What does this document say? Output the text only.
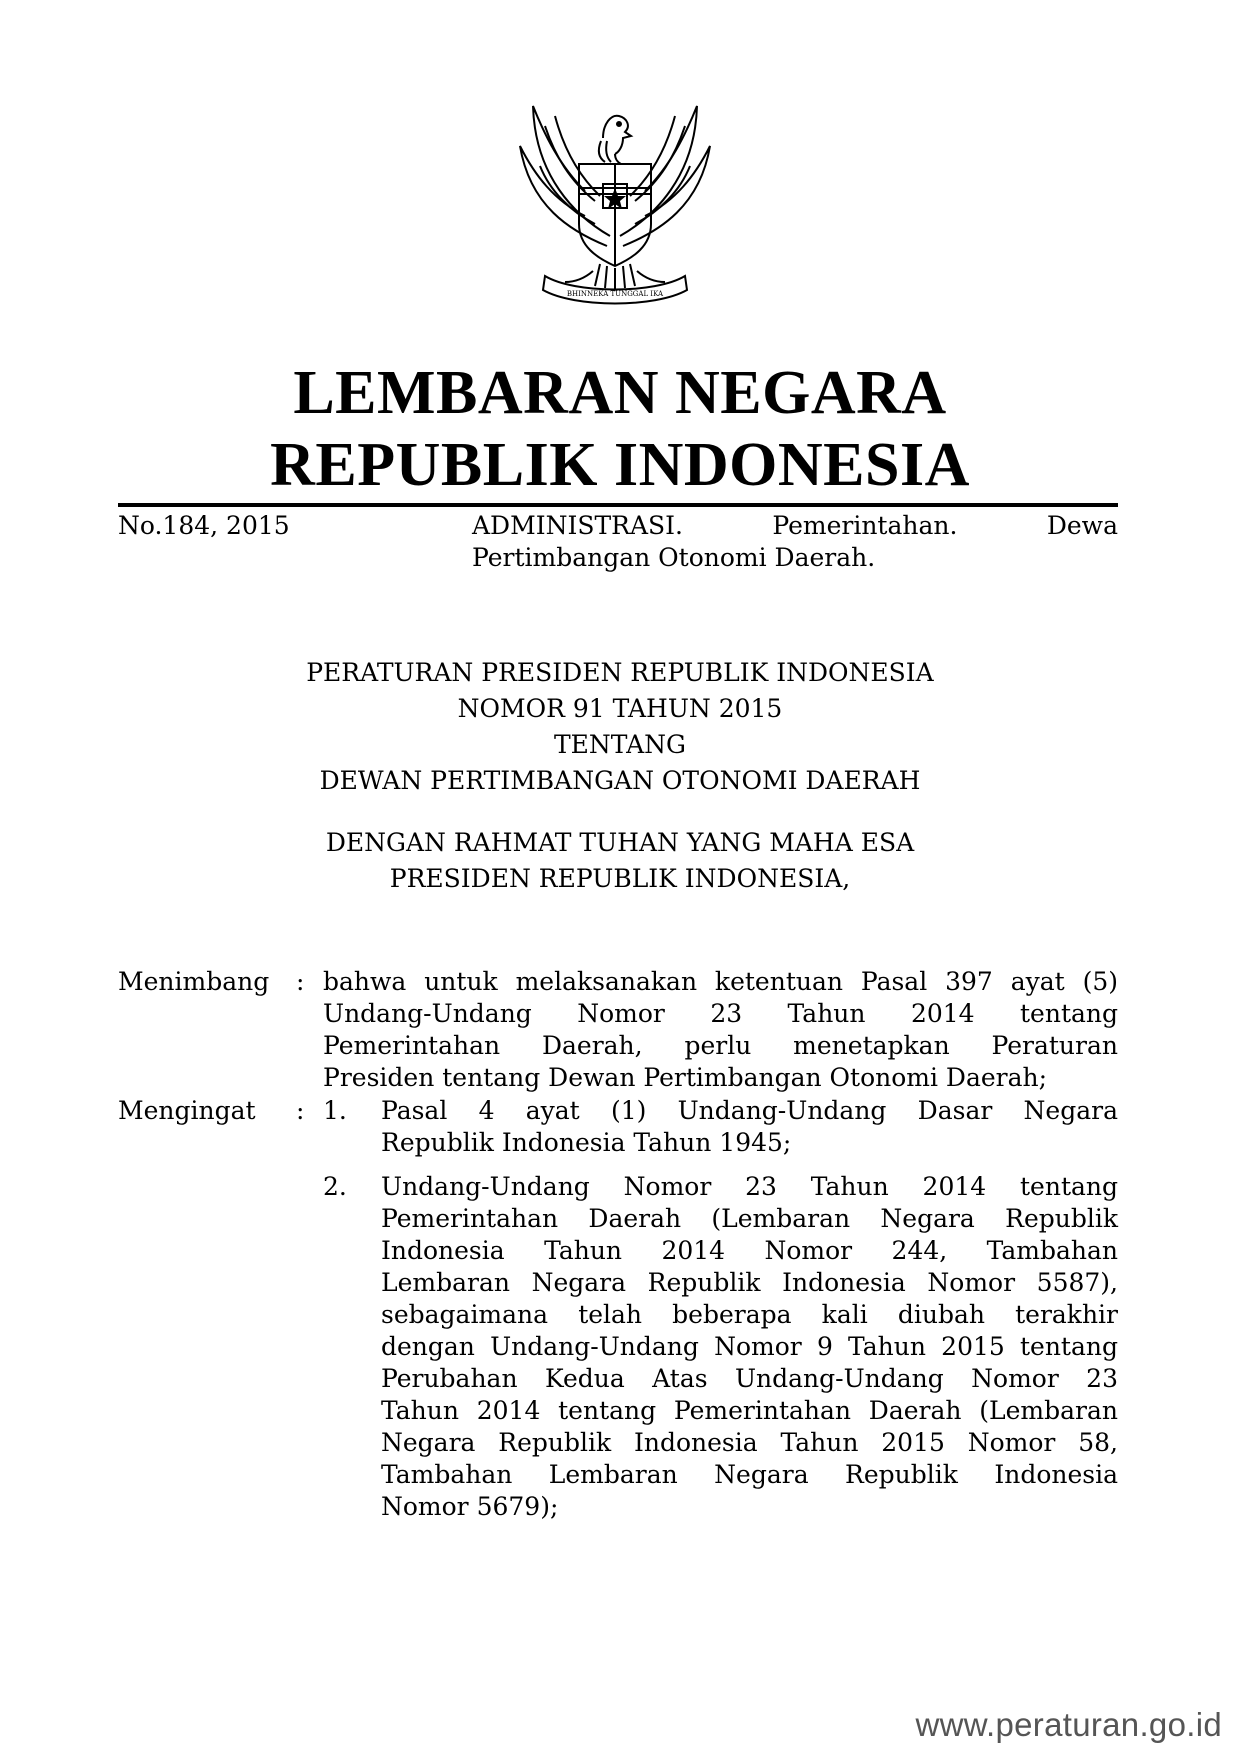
BHINNEKA TUNGGAL IKA
LEMBARAN NEGARA
REPUBLIK INDONESIA
No.184, 2015	ADMINISTRASI.	Pemerintahan.	Dewa
Pertimbangan Otonomi Daerah.
PERATURAN PRESIDEN REPUBLIK INDONESIA
NOMOR 91 TAHUN 2015
TENTANG
DEWAN PERTIMBANGAN OTONOMI DAERAH
DENGAN RAHMAT TUHAN YANG MAHA ESA
PRESIDEN REPUBLIK INDONESIA,
Menimbang	: bahwa untuk melaksanakan ketentuan Pasal 397 ayat (5)
Undang-Undang Nomor 23 Tahun 2014 tentang
Pemerintahan Daerah, perlu menetapkan Peraturan
Presiden tentang Dewan Pertimbangan Otonomi Daerah;
Mengingat	: 1. Pasal 4 ayat (1) Undang-Undang Dasar Negara
Republik Indonesia Tahun 1945;
2. Undang-Undang Nomor 23 Tahun 2014 tentang
Pemerintahan Daerah (Lembaran Negara Republik
Indonesia Tahun 2014 Nomor 244, Tambahan
Lembaran Negara Republik Indonesia Nomor 5587),
sebagaimana telah beberapa kali diubah terakhir
dengan Undang-Undang Nomor 9 Tahun 2015 tentang
Perubahan Kedua Atas Undang-Undang Nomor 23
Tahun 2014 tentang Pemerintahan Daerah (Lembaran
Negara Republik Indonesia Tahun 2015 Nomor 58,
Tambahan Lembaran Negara Republik Indonesia
Nomor 5679);
www.peraturan.go.id
